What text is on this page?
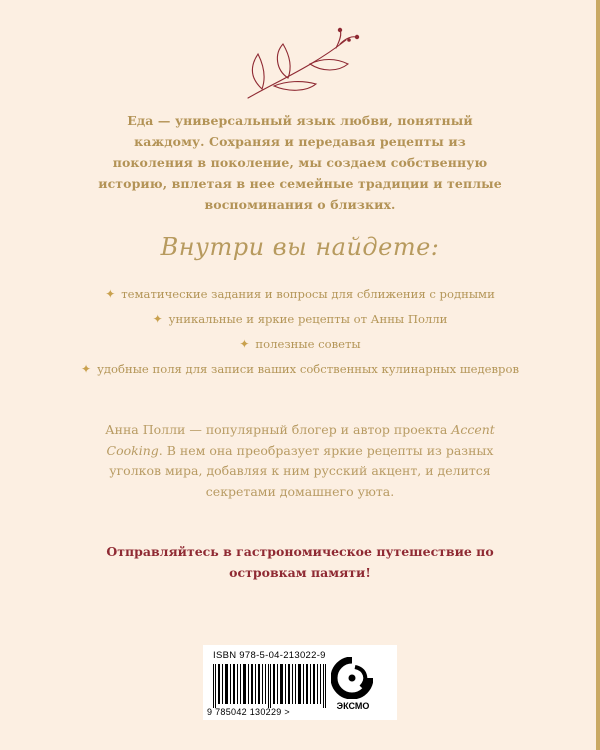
Еда — универсальный язык любви, понятный каждому. Сохраняя и передавая рецепты из поколения в поколение, мы создаем собственную историю, вплетая в нее семейные традиции и теплые воспоминания о близких.
Внутри вы найдете:
✦ тематические задания и вопросы для сближения с родными
✦ уникальные и яркие рецепты от Анны Полли
✦ полезные советы
✦ удобные поля для записи ваших собственных кулинарных шедевров
Анна Полли — популярный блогер и автор проекта Accent Cooking. В нем она преобразует яркие рецепты из разных уголков мира, добавляя к ним русский акцент, и делится секретами домашнего уюта.
Отправляйтесь в гастрономическое путешествие по островкам памяти!
ISBN 978-5-04-213022-9
9 785042 130229 >
ЭКСМО
